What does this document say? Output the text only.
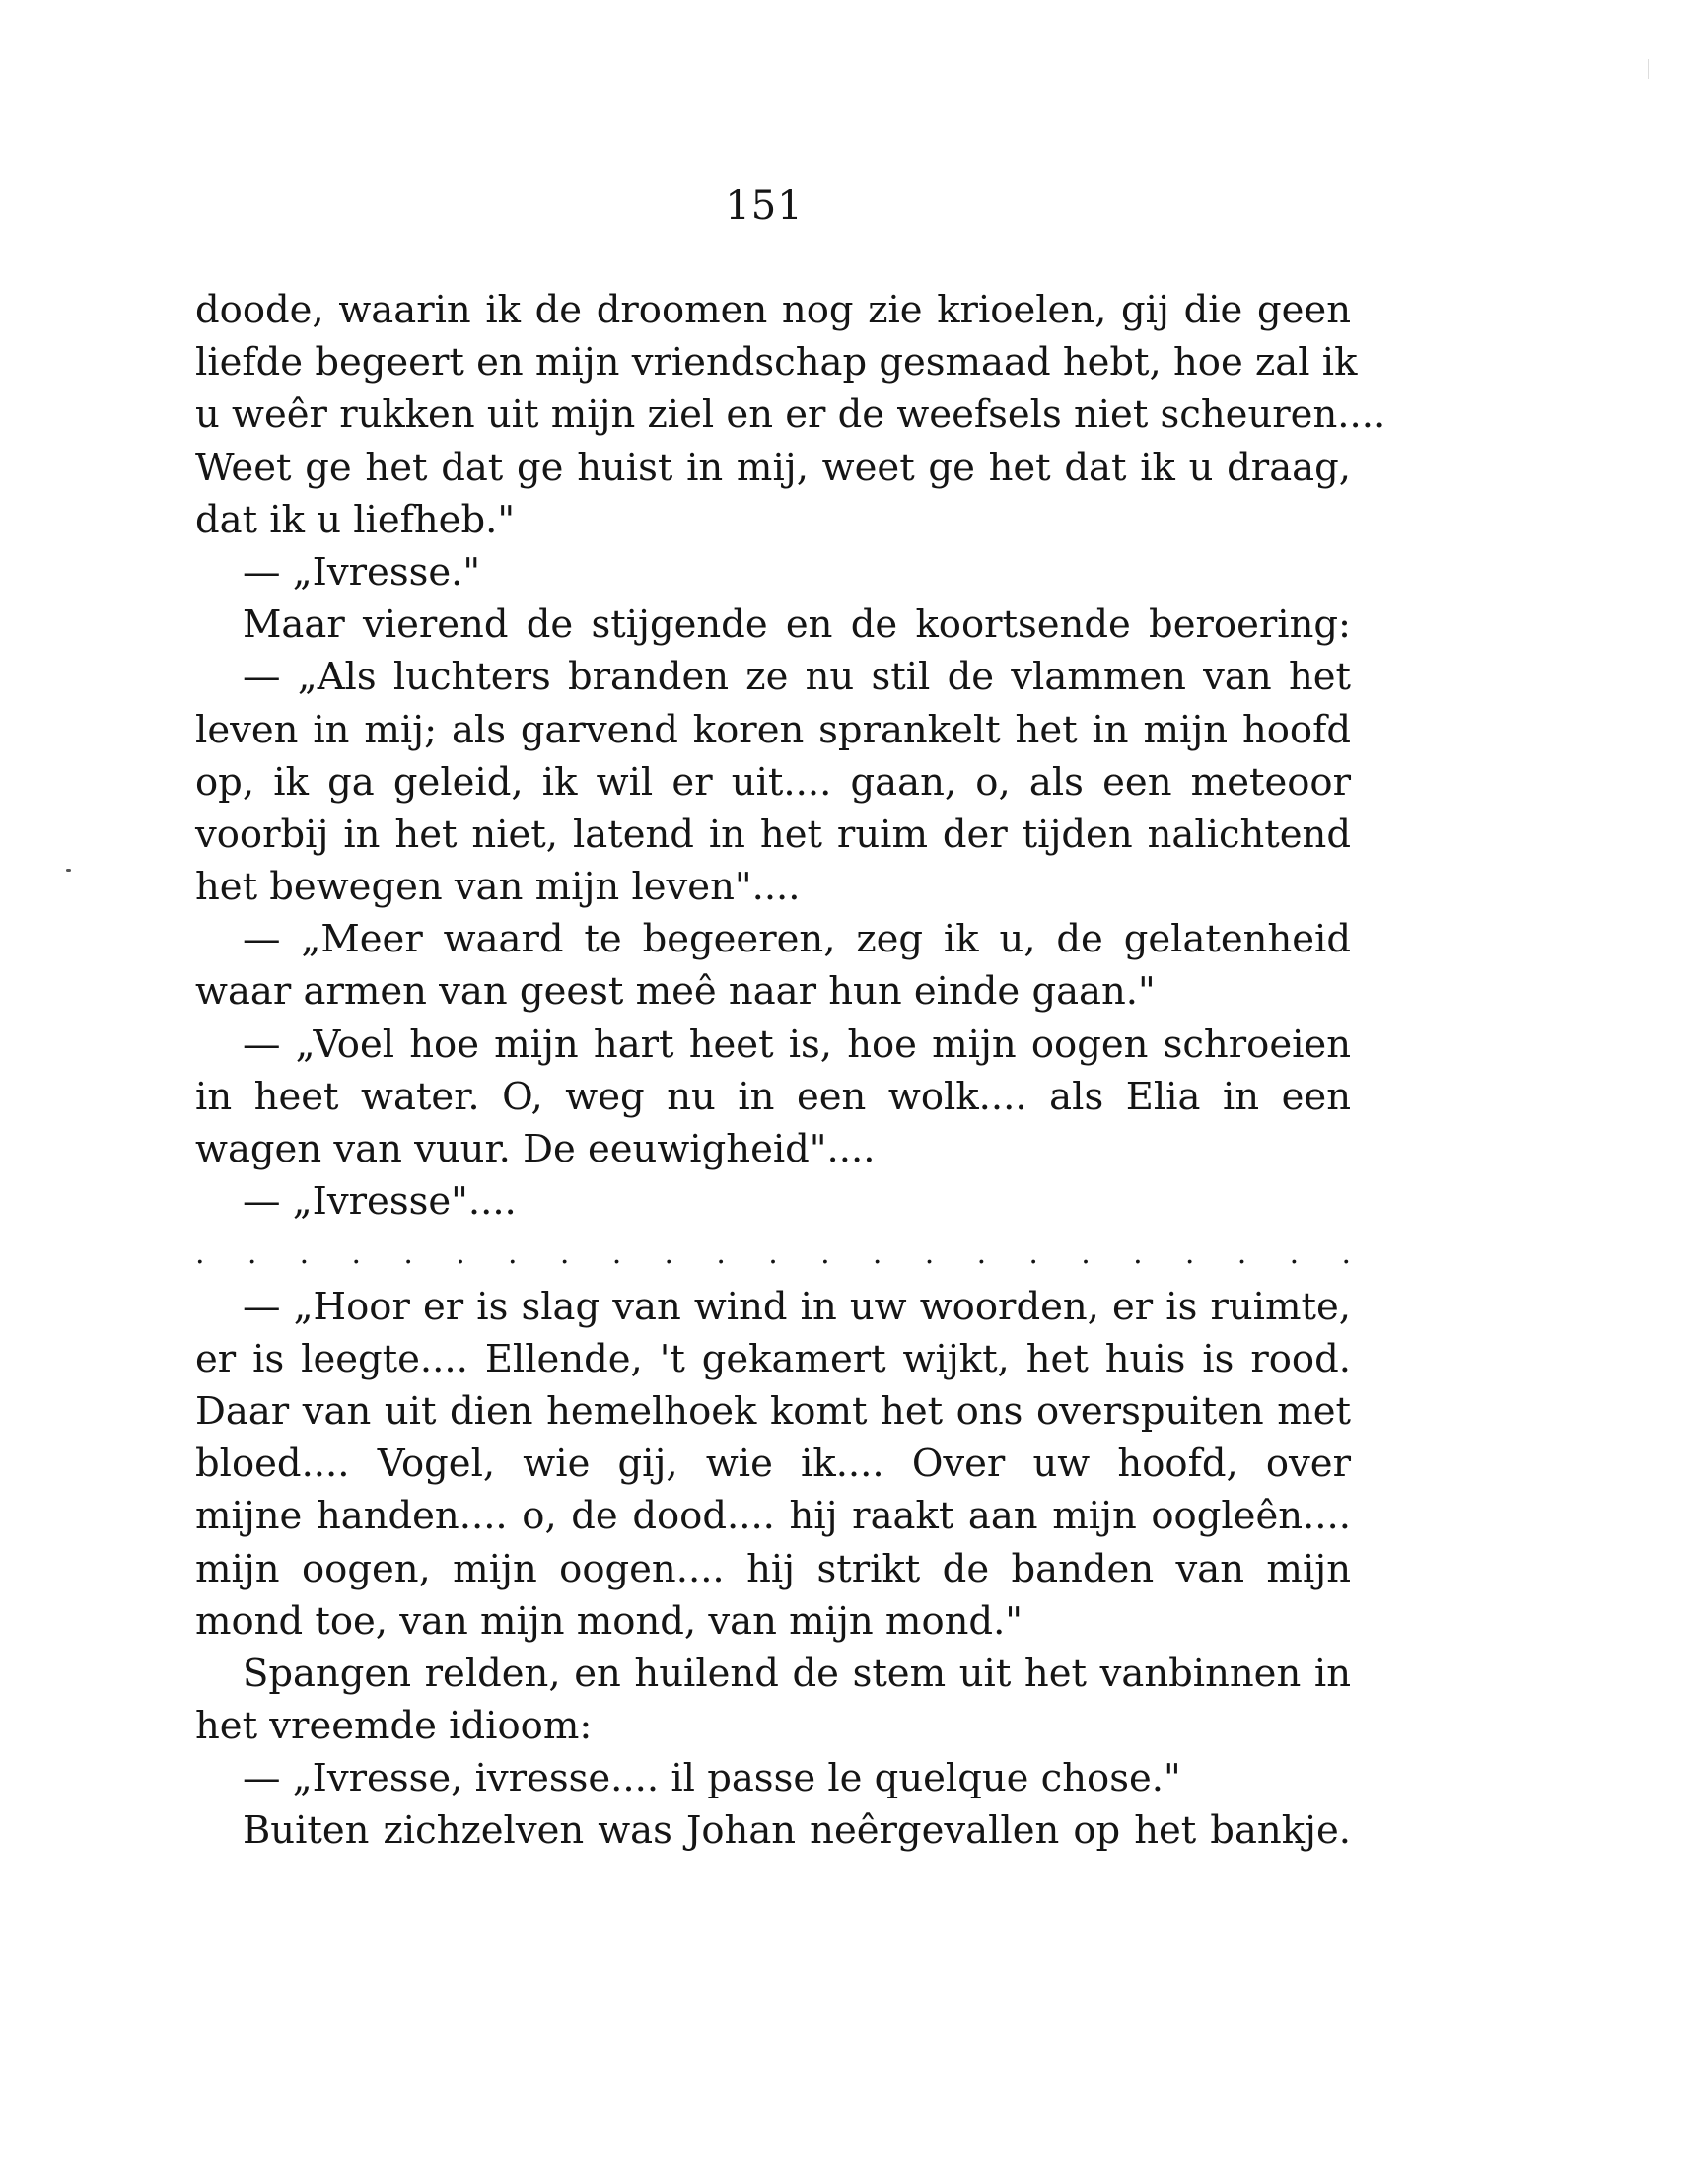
151
doode, waarin ik de droomen nog zie krioelen, gij die geen
liefde begeert en mijn vriendschap gesmaad hebt, hoe zal ik
u weêr rukken uit mijn ziel en er de weefsels niet scheuren....
Weet ge het dat ge huist in mij, weet ge het dat ik u draag,
dat ik u liefheb."
— „Ivresse."
Maar vierend de stijgende en de koortsende beroering:
— „Als luchters branden ze nu stil de vlammen van het
leven in mij; als garvend koren sprankelt het in mijn hoofd
op, ik ga geleid, ik wil er uit.... gaan, o, als een meteoor
voorbij in het niet, latend in het ruim der tijden nalichtend
het bewegen van mijn leven"....
— „Meer waard te begeeren, zeg ik u, de gelatenheid
waar armen van geest meê naar hun einde gaan."
— „Voel hoe mijn hart heet is, hoe mijn oogen schroeien
in heet water. O, weg nu in een wolk.... als Elia in een
wagen van vuur. De eeuwigheid"....
— „Ivresse"....
. . . . . . . . . . . . . . . . . . . . . . .
— „Hoor er is slag van wind in uw woorden, er is ruimte,
er is leegte.... Ellende, 't gekamert wijkt, het huis is rood.
Daar van uit dien hemelhoek komt het ons overspuiten met
bloed.... Vogel, wie gij, wie ik.... Over uw hoofd, over
mijne handen.... o, de dood.... hij raakt aan mijn oogleên....
mijn oogen, mijn oogen.... hij strikt de banden van mijn
mond toe, van mijn mond, van mijn mond."
Spangen relden, en huilend de stem uit het vanbinnen in
het vreemde idioom:
— „Ivresse, ivresse.... il passe le quelque chose."
Buiten zichzelven was Johan neêrgevallen op het bankje.
